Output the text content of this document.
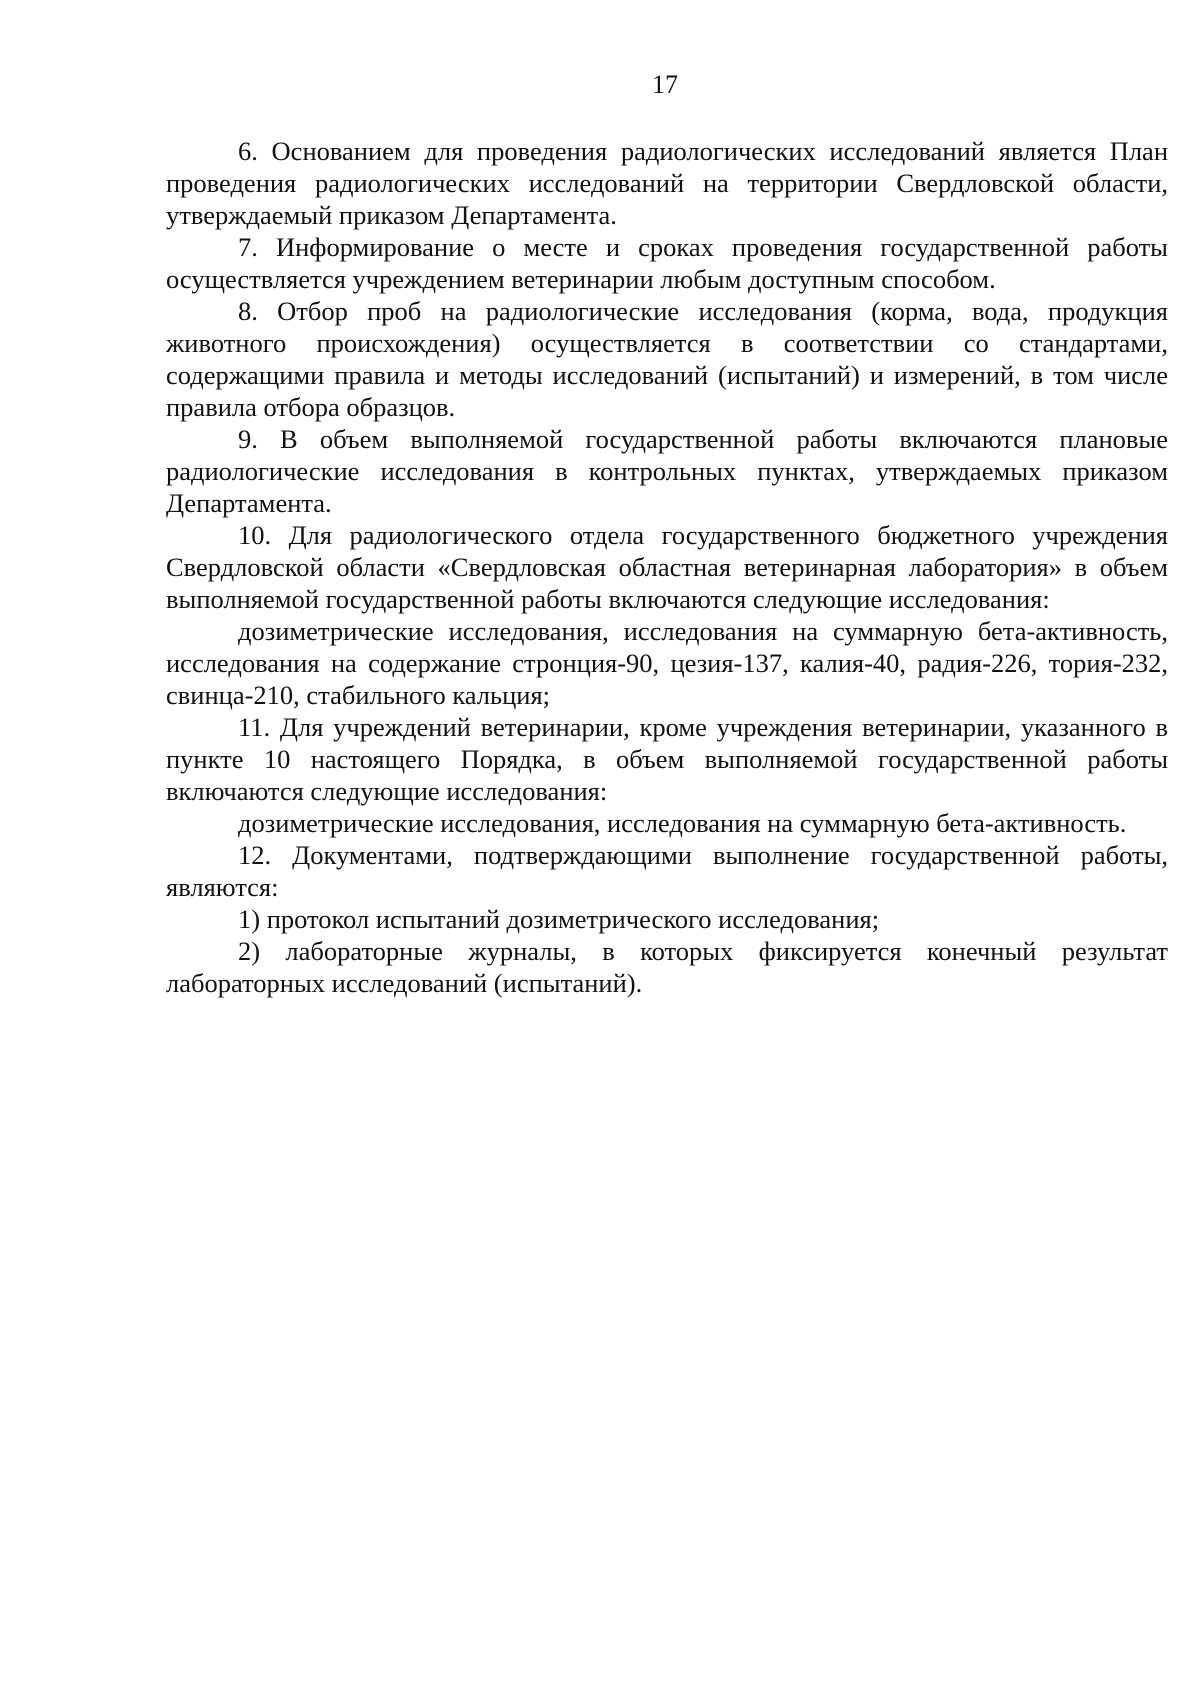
17

6. Основанием для проведения радиологических исследований является План проведения радиологических исследований на территории Свердловской области, утверждаемый приказом Департамента.

7. Информирование о месте и сроках проведения государственной работы осуществляется учреждением ветеринарии любым доступным способом.

8. Отбор проб на радиологические исследования (корма, вода, продукция животного происхождения) осуществляется в соответствии со стандартами, содержащими правила и методы исследований (испытаний) и измерений, в том числе правила отбора образцов.

9. В объем выполняемой государственной работы включаются плановые радиологические исследования в контрольных пунктах, утверждаемых приказом Департамента.

10. Для радиологического отдела государственного бюджетного учреждения Свердловской области «Свердловская областная ветеринарная лаборатория» в объем выполняемой государственной работы включаются следующие исследования:

дозиметрические исследования, исследования на суммарную бета-активность, исследования на содержание стронция-90, цезия-137, калия-40, радия-226, тория-232, свинца-210, стабильного кальция;

11. Для учреждений ветеринарии, кроме учреждения ветеринарии, указанного в пункте 10 настоящего Порядка, в объем выполняемой государственной работы включаются следующие исследования:

дозиметрические исследования, исследования на суммарную бета-активность.

12. Документами, подтверждающими выполнение государственной работы, являются:

1) протокол испытаний дозиметрического исследования;

2) лабораторные журналы, в которых фиксируется конечный результат лабораторных исследований (испытаний).
